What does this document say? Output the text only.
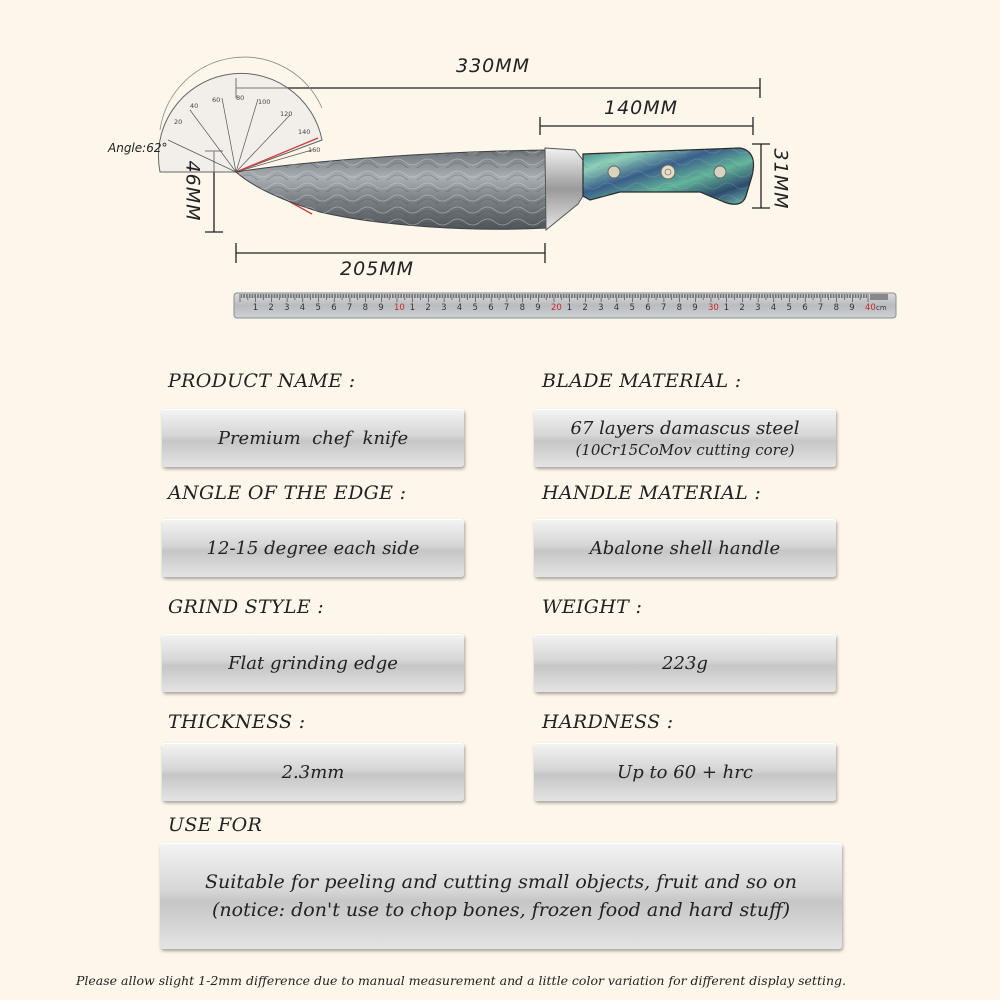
20
40
60 80 100
120
140
160
1 2 3 4 5 6 7 8 9 10 1 2 3 4 5 6 7 8 9 20 1 2 3 4 5 6 7 8 9 30 1 2 3 4 5 6 7 8 9 40 cm
330MM
140MM
205MM
46MM	31MM
Angle:62°
PRODUCT NAME :
Premium  chef  knife
BLADE MATERIAL :
67 layers damascus steel
(10Cr15CoMov cutting core)
ANGLE OF THE EDGE :
12-15 degree each side
HANDLE MATERIAL :
Abalone shell handle
GRIND STYLE :
Flat grinding edge
WEIGHT :
223g
THICKNESS :
2.3mm
HARDNESS :
Up to 60 + hrc
USE FOR
Suitable for peeling and cutting small objects, fruit and so on
(notice: don't use to chop bones, frozen food and hard stuff)
Please allow slight 1-2mm difference due to manual measurement and a little color variation for different display setting.
